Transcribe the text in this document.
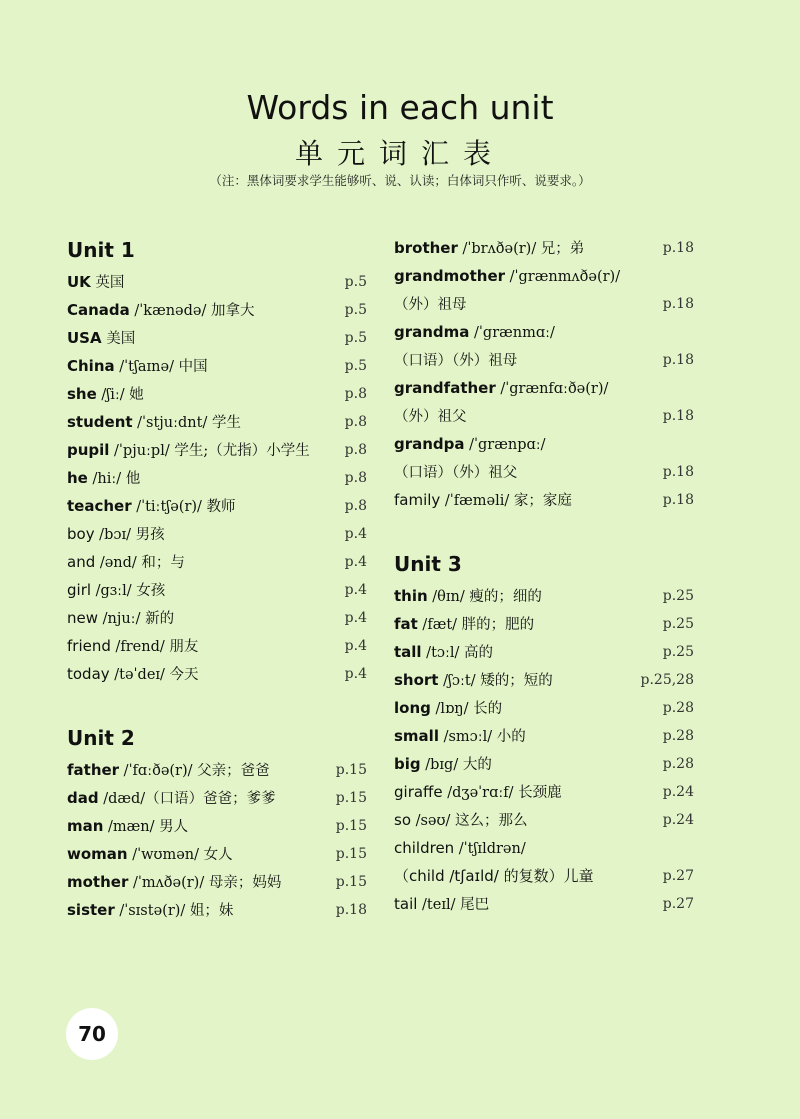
Words in each unit
单元词汇表
（注：黑体词要求学生能够听、说、认读；白体词只作听、说要求。）
Unit 1
UK 英国	p.5
Canada /ˈkænədə/ 加拿大	p.5
USA 美国	p.5
China /ˈtʃaɪnə/ 中国	p.5
she /ʃiː/ 她	p.8
student /ˈstjuːdnt/ 学生	p.8
pupil /ˈpjuːpl/ 学生;（尤指）小学生 p.8
he /hiː/ 他	p.8
teacher /ˈtiːtʃə(r)/ 教师	p.8
boy /bɔɪ/ 男孩	p.4
and /ənd/ 和；与	p.4
girl /gɜːl/ 女孩	p.4
new /njuː/ 新的	p.4
friend /frend/ 朋友	p.4
today /təˈdeɪ/ 今天	p.4
Unit 2
father /ˈfɑːðə(r)/ 父亲；爸爸	p.15
dad /dæd/（口语）爸爸；爹爹	p.15
man /mæn/ 男人	p.15
woman /ˈwʊmən/ 女人	p.15
mother /ˈmʌðə(r)/ 母亲；妈妈	p.15
sister /ˈsɪstə(r)/ 姐；妹	p.18
brother /ˈbrʌðə(r)/ 兄；弟	p.18
grandmother /ˈgrænmʌðə(r)/
（外）祖母	p.18
grandma /ˈgrænmɑː/
（口语）（外）祖母	p.18
grandfather /ˈgrænfɑːðə(r)/
（外）祖父	p.18
grandpa /ˈgrænpɑː/
（口语）（外）祖父	p.18
family /ˈfæməli/ 家；家庭	p.18
Unit 3
thin /θɪn/ 瘦的；细的	p.25
fat /fæt/ 胖的；肥的	p.25
tall /tɔːl/ 高的	p.25
short /ʃɔːt/ 矮的；短的	p.25,28
long /lɒŋ/ 长的	p.28
small /smɔːl/ 小的	p.28
big /bɪg/ 大的	p.28
giraffe /dʒəˈrɑːf/ 长颈鹿	p.24
so /səʊ/ 这么；那么	p.24
children /ˈtʃɪldrən/
（child /tʃaɪld/ 的复数）儿童	p.27
tail /teɪl/ 尾巴	p.27
70
